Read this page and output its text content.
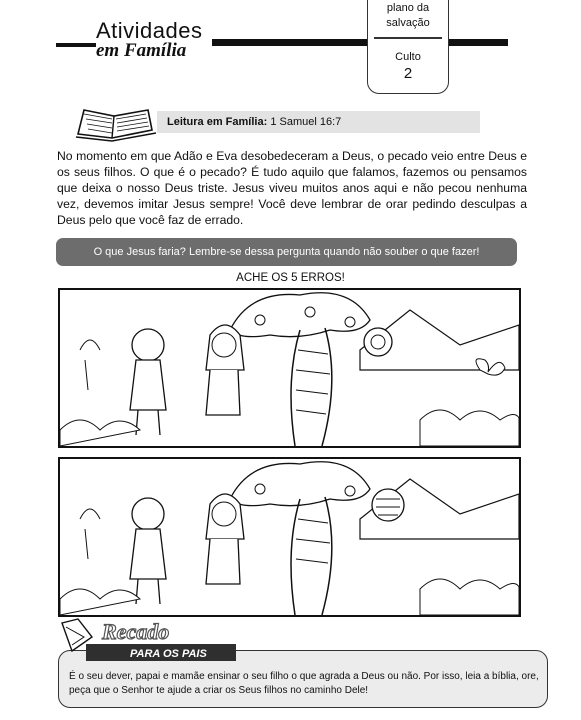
Atividades
em Família
plano da
salvação
Culto
2
Leitura em Família: 1 Samuel 16:7
No momento em que Adão e Eva desobedeceram a Deus, o pecado veio entre Deus e os seus filhos. O que é o pecado? É tudo aquilo que falamos, fazemos ou pensamos que deixa o nosso Deus triste. Jesus viveu muitos anos aqui e não pecou nenhuma vez, devemos imitar Jesus sempre! Você deve lembrar de orar pedindo desculpas a Deus pelo que você faz de errado.
O que Jesus faria? Lembre-se dessa pergunta quando não souber o que fazer!
ACHE OS 5 ERROS!
Recado
PARA OS PAIS
É o seu dever, papai e mamãe ensinar o seu filho o que agrada a Deus ou não. Por isso, leia a bíblia, ore, peça que o Senhor te ajude a criar os Seus filhos no caminho Dele!
